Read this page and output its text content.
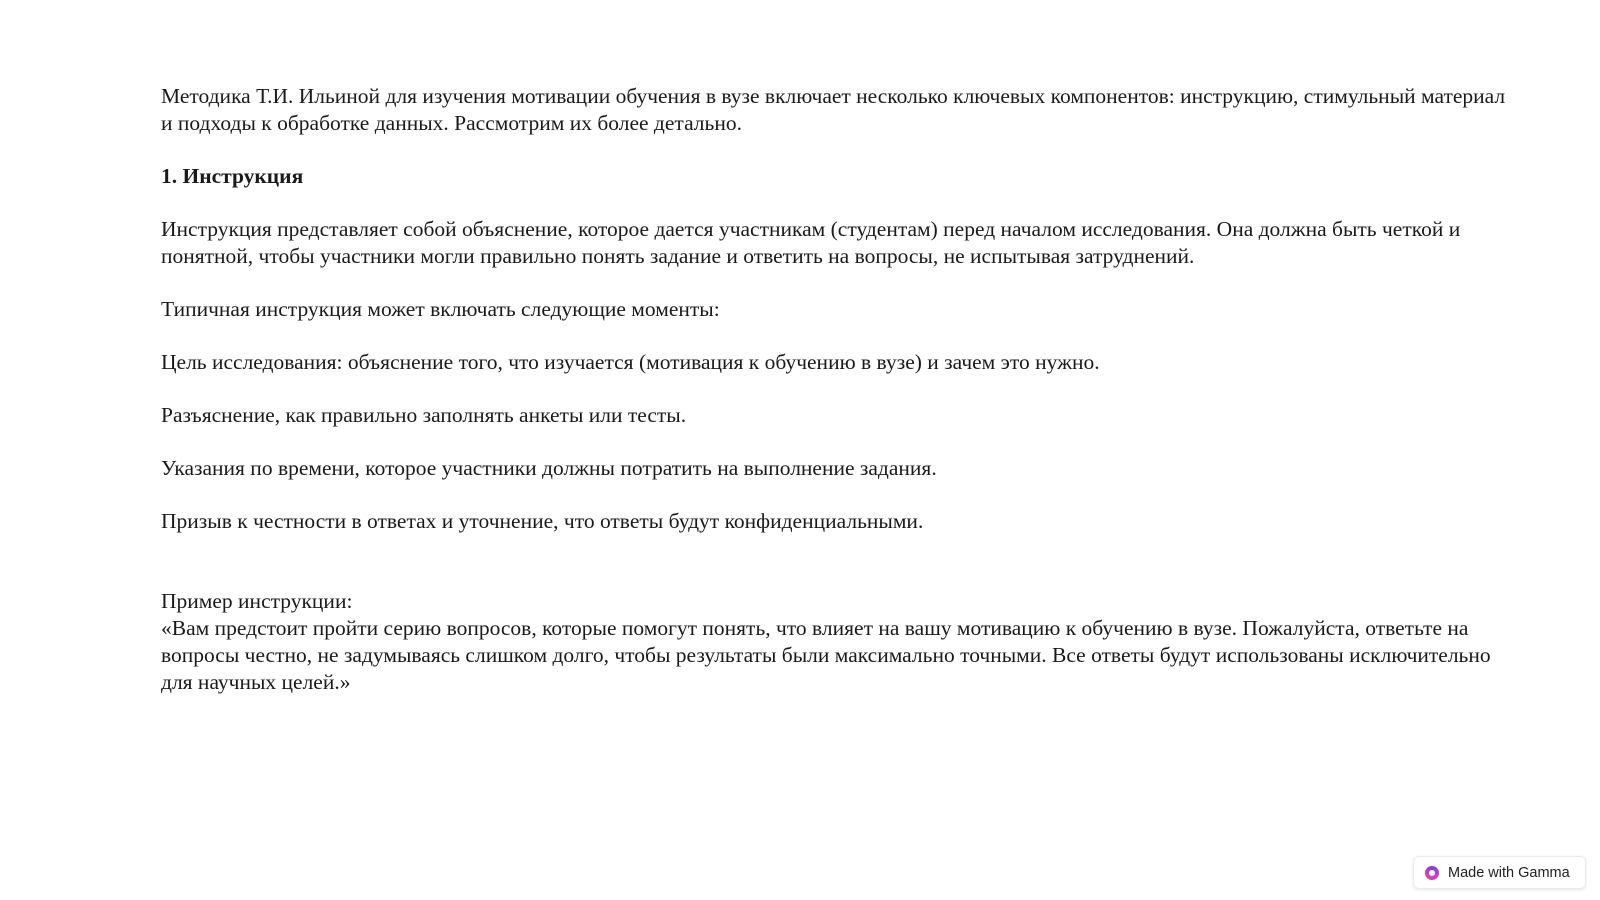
Методика Т.И. Ильиной для изучения мотивации обучения в вузе включает несколько ключевых компонентов: инструкцию, стимульный материал и подходы к обработке данных. Рассмотрим их более детально.

1. Инструкция

Инструкция представляет собой объяснение, которое дается участникам (студентам) перед началом исследования. Она должна быть четкой и понятной, чтобы участники могли правильно понять задание и ответить на вопросы, не испытывая затруднений.

Типичная инструкция может включать следующие моменты:

Цель исследования: объяснение того, что изучается (мотивация к обучению в вузе) и зачем это нужно.

Разъяснение, как правильно заполнять анкеты или тесты.

Указания по времени, которое участники должны потратить на выполнение задания.

Призыв к честности в ответах и уточнение, что ответы будут конфиденциальными.

Пример инструкции:

«Вам предстоит пройти серию вопросов, которые помогут понять, что влияет на вашу мотивацию к обучению в вузе. Пожалуйста, ответьте на вопросы честно, не задумываясь слишком долго, чтобы результаты были максимально точными. Все ответы будут использованы исключительно для научных целей.»

Made with Gamma
